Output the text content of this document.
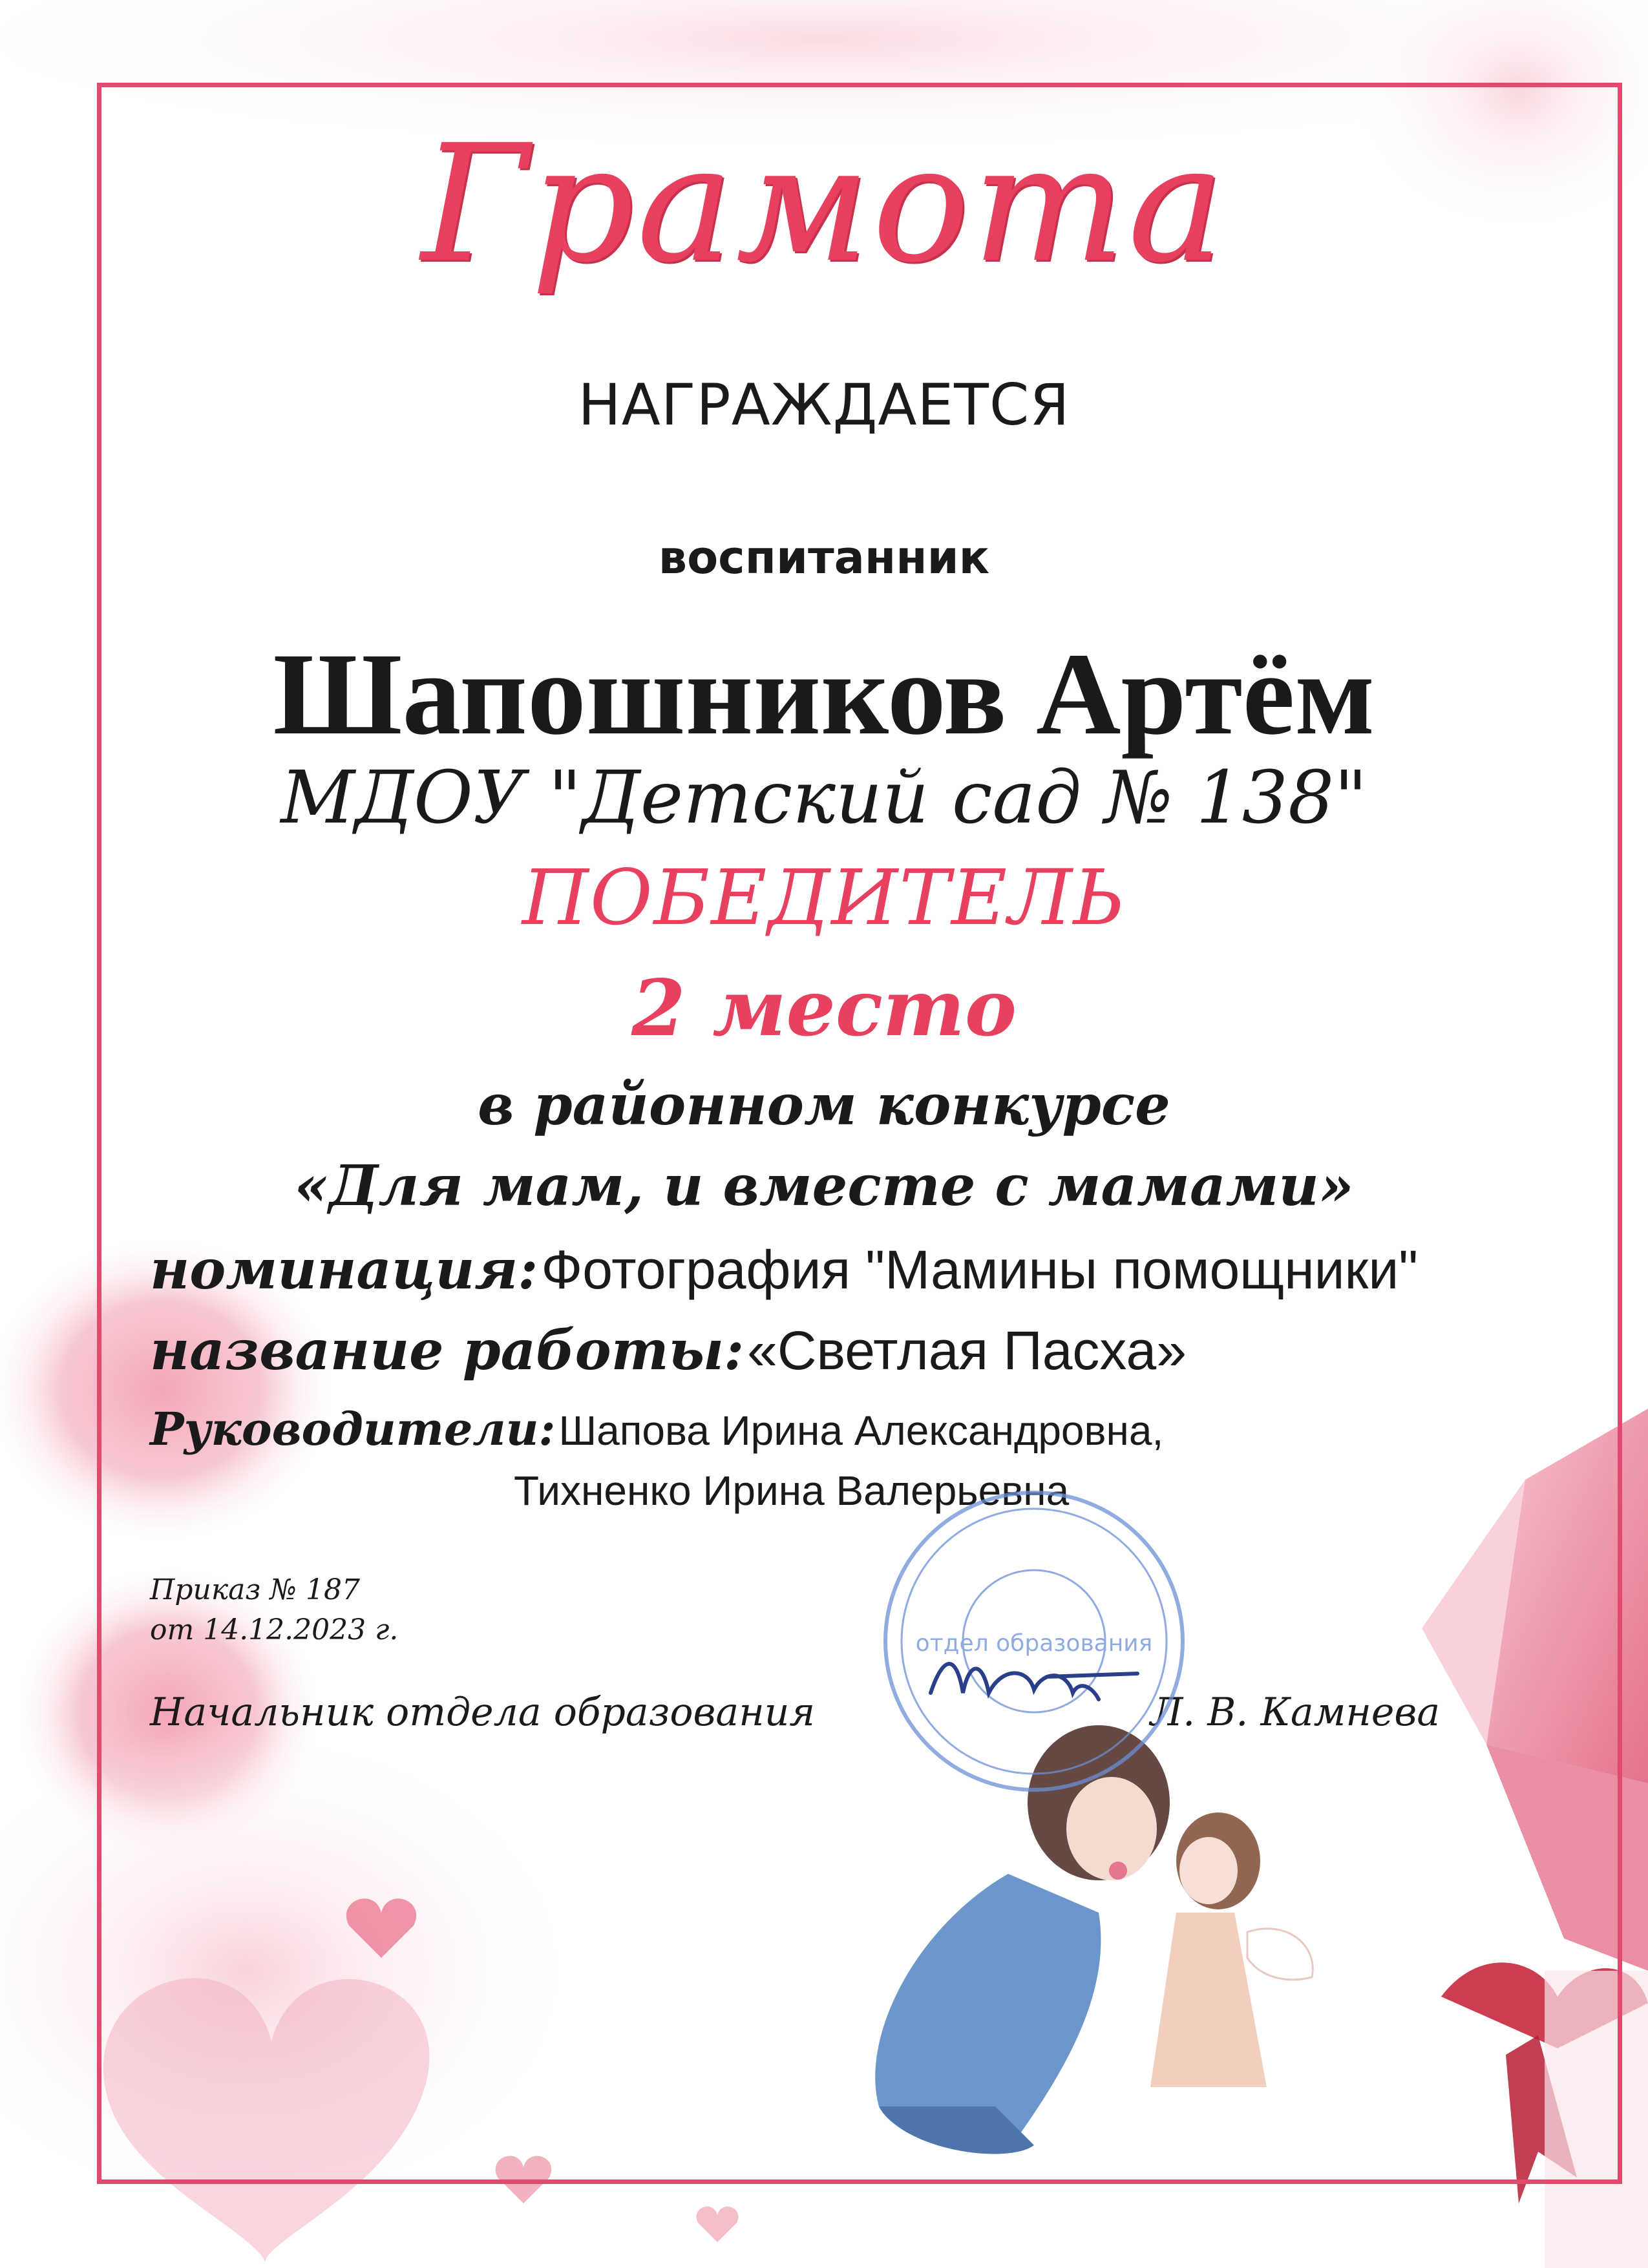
Грамота
НАГРАЖДАЕТСЯ
воспитанник
Шапошников Артём
МДОУ "Детский сад № 138"
ПОБЕДИТЕЛЬ
2 место
в районном конкурсе
«Для мам, и вместе с мамами»
номинация: Фотография "Мамины помощники"
название работы: «Светлая Пасха»
Руководители: Шапова Ирина Александровна,
Тихненко Ирина Валерьевна
Приказ № 187
от 14.12.2023 г.
Начальник отдела образования	Л. В. Камнева
отдел образования
